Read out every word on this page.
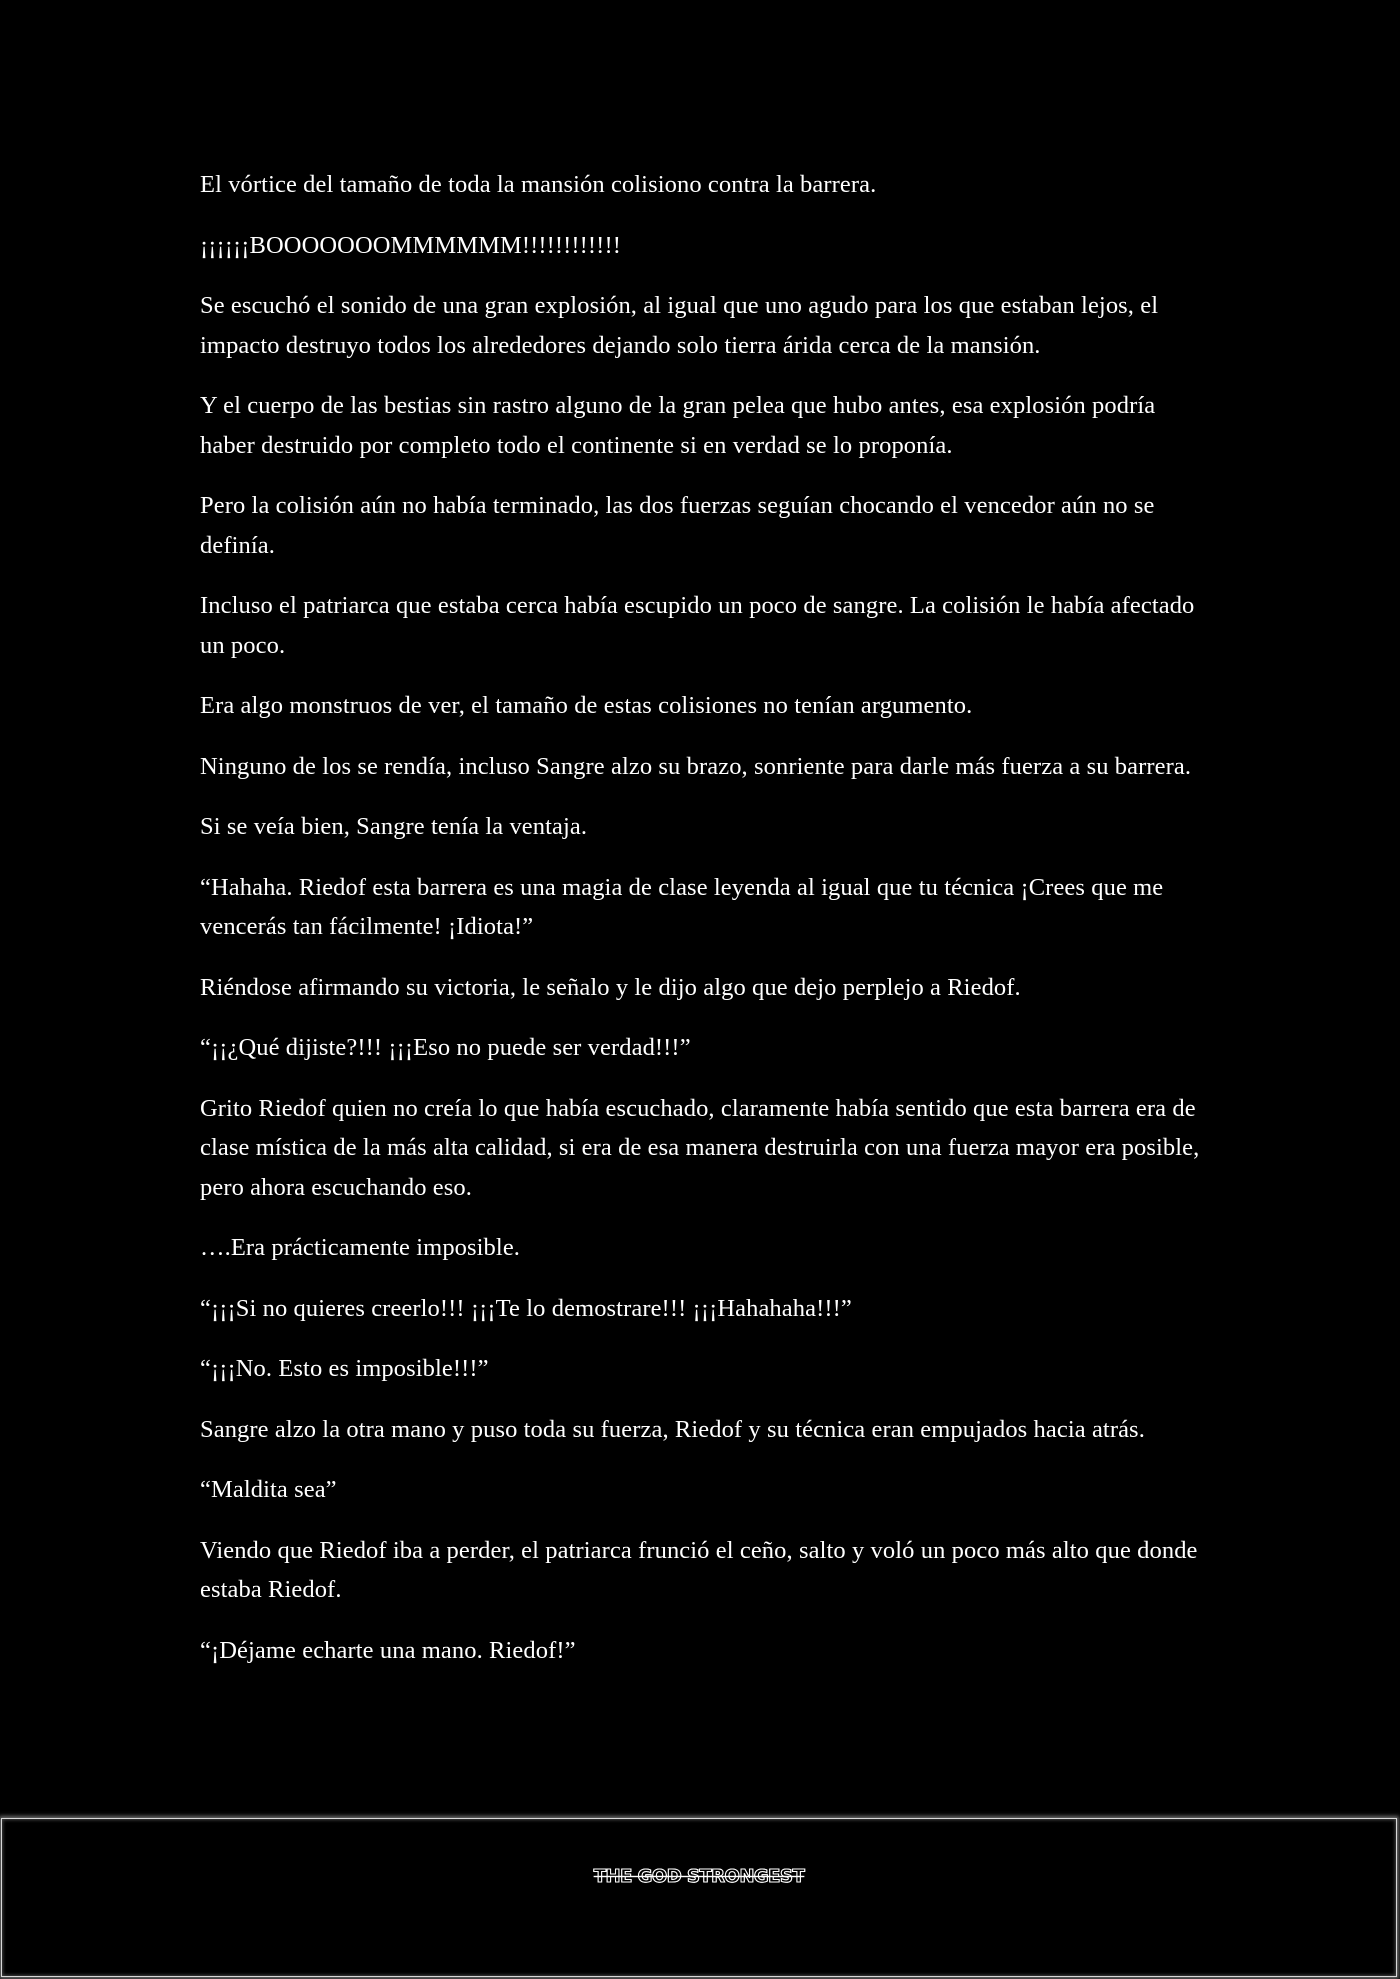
El vórtice del tamaño de toda la mansión colisiono contra la barrera.

¡¡¡¡¡¡BOOOOOOOMMMMMM!!!!!!!!!!!!

Se escuchó el sonido de una gran explosión, al igual que uno agudo para los que estaban lejos, el impacto destruyo todos los alrededores dejando solo tierra árida cerca de la mansión.

Y el cuerpo de las bestias sin rastro alguno de la gran pelea que hubo antes, esa explosión podría haber destruido por completo todo el continente si en verdad se lo proponía.

Pero la colisión aún no había terminado, las dos fuerzas seguían chocando el vencedor aún no se definía.

Incluso el patriarca que estaba cerca había escupido un poco de sangre. La colisión le había afectado un poco.

Era algo monstruos de ver, el tamaño de estas colisiones no tenían argumento.

Ninguno de los se rendía, incluso Sangre alzo su brazo, sonriente para darle más fuerza a su barrera.

Si se veía bien, Sangre tenía la ventaja.

“Hahaha. Riedof esta barrera es una magia de clase leyenda al igual que tu técnica ¡Crees que me vencerás tan fácilmente! ¡Idiota!”

Riéndose afirmando su victoria, le señalo y le dijo algo que dejo perplejo a Riedof.

“¡¡¿Qué dijiste?!!! ¡¡¡Eso no puede ser verdad!!!”

Grito Riedof quien no creía lo que había escuchado, claramente había sentido que esta barrera era de clase mística de la más alta calidad, si era de esa manera destruirla con una fuerza mayor era posible, pero ahora escuchando eso.

….Era prácticamente imposible.

“¡¡¡Si no quieres creerlo!!! ¡¡¡Te lo demostrare!!! ¡¡¡Hahahaha!!!”

“¡¡¡No. Esto es imposible!!!”

Sangre alzo la otra mano y puso toda su fuerza, Riedof y su técnica eran empujados hacia atrás.

“Maldita sea”

Viendo que Riedof iba a perder, el patriarca frunció el ceño, salto y voló un poco más alto que donde estaba Riedof.

“¡Déjame echarte una mano. Riedof!”

THE GOD STRONGEST
